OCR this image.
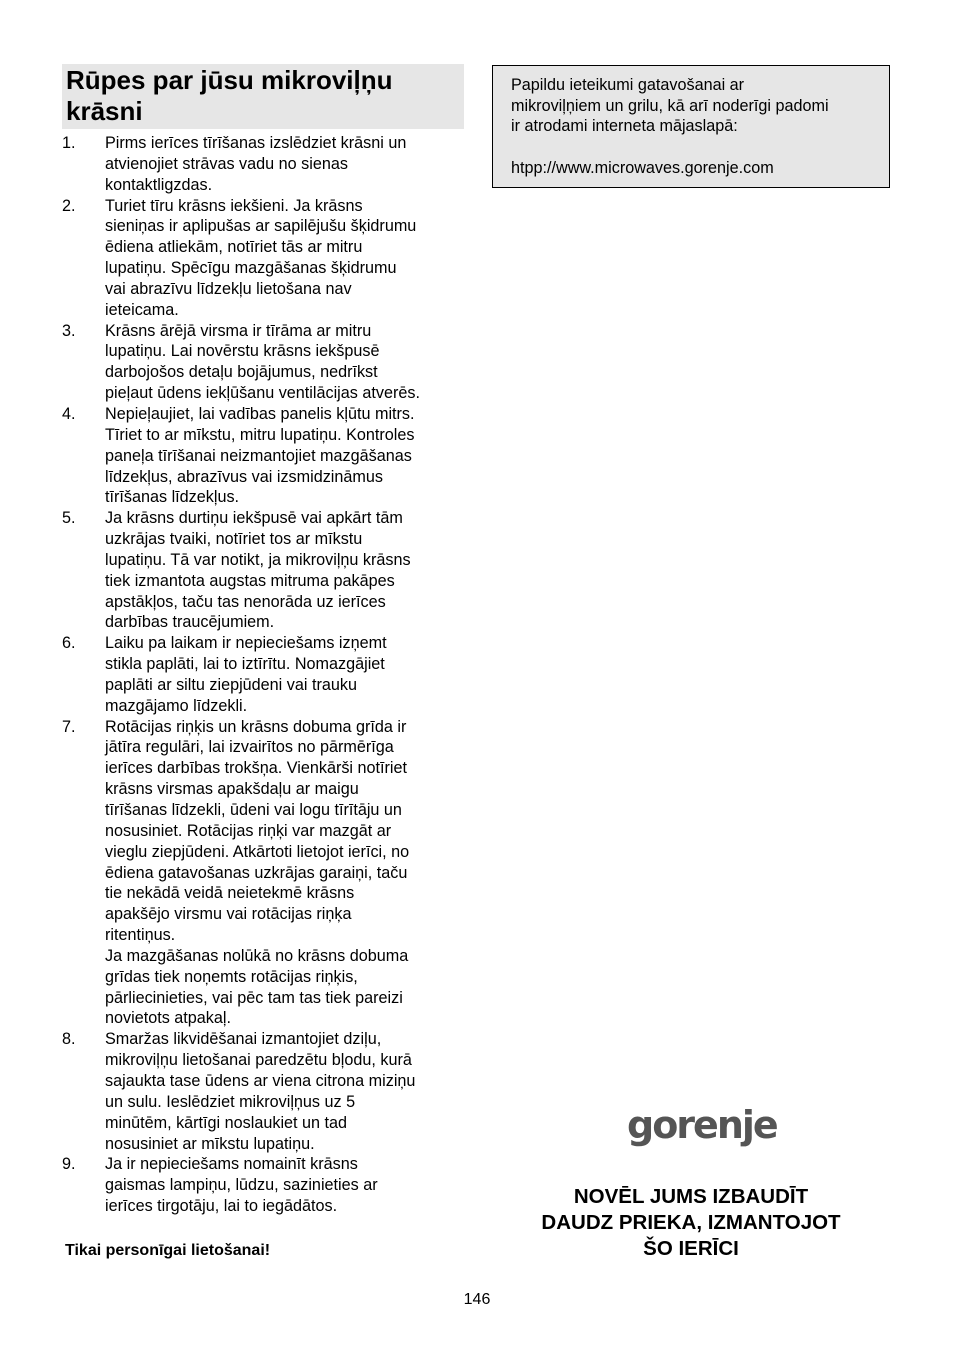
Rūpes par jūsu mikroviļņu
krāsni
1.	Pirms ierīces tīrīšanas izslēdziet krāsni un
atvienojiet strāvas vadu no sienas
kontaktligzdas.
2.	Turiet tīru krāsns iekšieni. Ja krāsns
sieniņas ir aplipušas ar sapilējušu šķidrumu
ēdiena atliekām, notīriet tās ar mitru
lupatiņu. Spēcīgu mazgāšanas šķidrumu
vai abrazīvu līdzekļu lietošana nav
ieteicama.
3.	Krāsns ārējā virsma ir tīrāma ar mitru
lupatiņu. Lai novērstu krāsns iekšpusē
darbojošos detaļu bojājumus, nedrīkst
pieļaut ūdens iekļūšanu ventilācijas atverēs.
4.	Nepieļaujiet, lai vadības panelis kļūtu mitrs.
Tīriet to ar mīkstu, mitru lupatiņu. Kontroles
paneļa tīrīšanai neizmantojiet mazgāšanas
līdzekļus, abrazīvus vai izsmidzināmus
tīrīšanas līdzekļus.
5.	Ja krāsns durtiņu iekšpusē vai apkārt tām
uzkrājas tvaiki, notīriet tos ar mīkstu
lupatiņu. Tā var notikt, ja mikroviļņu krāsns
tiek izmantota augstas mitruma pakāpes
apstākļos, taču tas nenorāda uz ierīces
darbības traucējumiem.
6.	Laiku pa laikam ir nepieciešams izņemt
stikla paplāti, lai to iztīrītu. Nomazgājiet
paplāti ar siltu ziepjūdeni vai trauku
mazgājamo līdzekli.
7.	Rotācijas riņķis un krāsns dobuma grīda ir
jātīra regulāri, lai izvairītos no pārmērīga
ierīces darbības trokšņa. Vienkārši notīriet
krāsns virsmas apakšdaļu ar maigu
tīrīšanas līdzekli, ūdeni vai logu tīrītāju un
nosusiniet. Rotācijas riņķi var mazgāt ar
vieglu ziepjūdeni. Atkārtoti lietojot ierīci, no
ēdiena gatavošanas uzkrājas garaiņi, taču
tie nekādā veidā neietekmē krāsns
apakšējo virsmu vai rotācijas riņķa
ritentiņus.
Ja mazgāšanas nolūkā no krāsns dobuma
grīdas tiek noņemts rotācijas riņķis,
pārliecinieties, vai pēc tam tas tiek pareizi
novietots atpakaļ.
8.	Smaržas likvidēšanai izmantojiet dziļu,
mikroviļņu lietošanai paredzētu bļodu, kurā
sajaukta tase ūdens ar viena citrona miziņu
un sulu. Ieslēdziet mikroviļņus uz 5
minūtēm, kārtīgi noslaukiet un tad
nosusiniet ar mīkstu lupatiņu.
9.	Ja ir nepieciešams nomainīt krāsns
gaismas lampiņu, lūdzu, sazinieties ar
ierīces tirgotāju, lai to iegādātos.
Tikai personīgai lietošanai!
Papildu ieteikumi gatavošanai ar
mikroviļņiem un grilu, kā arī noderīgi padomi
ir atrodami interneta mājaslapā:
htpp://www.microwaves.gorenje.com
gorenje
NOVĒL JUMS IZBAUDĪT
DAUDZ PRIEKA, IZMANTOJOT
ŠO IERĪCI
146
